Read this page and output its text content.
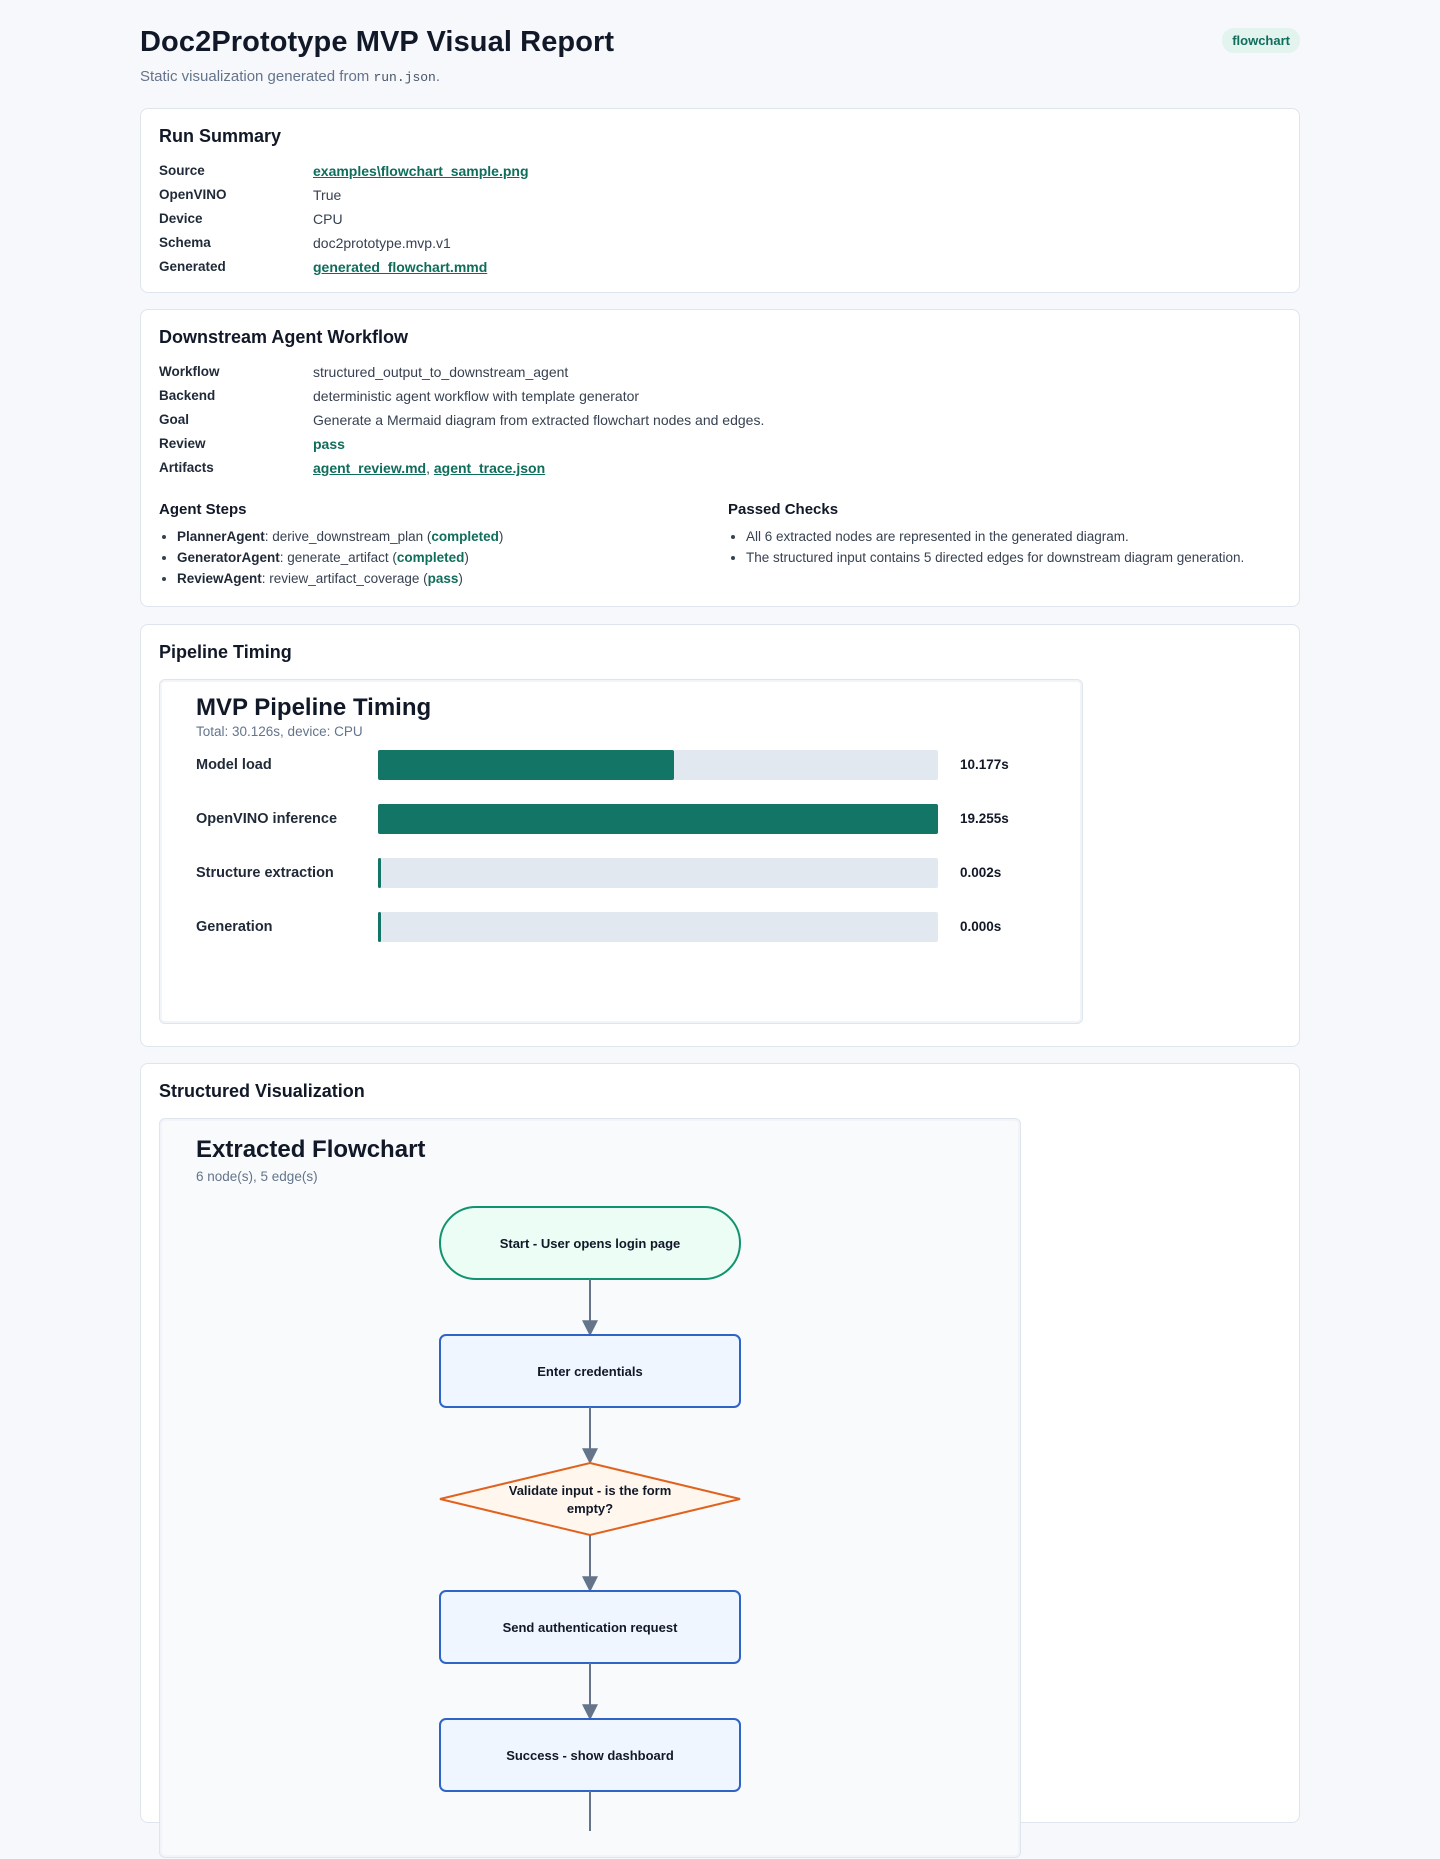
Doc2Prototype MVP Visual Report
Static visualization generated from run.json.
flowchart
Run Summary
Source	examples\flowchart_sample.png
OpenVINO	True
Device	CPU
Schema	doc2prototype.mvp.v1
Generated	generated_flowchart.mmd
Downstream Agent Workflow
Workflow	structured_output_to_downstream_agent
Backend	deterministic agent workflow with template generator
Goal	Generate a Mermaid diagram from extracted flowchart nodes and edges.
Review	pass
Artifacts	agent_review.md, agent_trace.json
Agent Steps
• PlannerAgent: derive_downstream_plan (completed)
• GeneratorAgent: generate_artifact (completed)
• ReviewAgent: review_artifact_coverage (pass)
Passed Checks
• All 6 extracted nodes are represented in the generated diagram.
• The structured input contains 5 directed edges for downstream diagram generation.
Pipeline Timing
MVP Pipeline Timing
Total: 30.126s, device: CPU
Model load	10.177s
OpenVINO inference	19.255s
Structure extraction	0.002s
Generation	0.000s
Structured Visualization
Extracted Flowchart
6 node(s), 5 edge(s)
Start - User opens login page
Enter credentials
Validate input - is the form
empty?
Send authentication request
Success - show dashboard
